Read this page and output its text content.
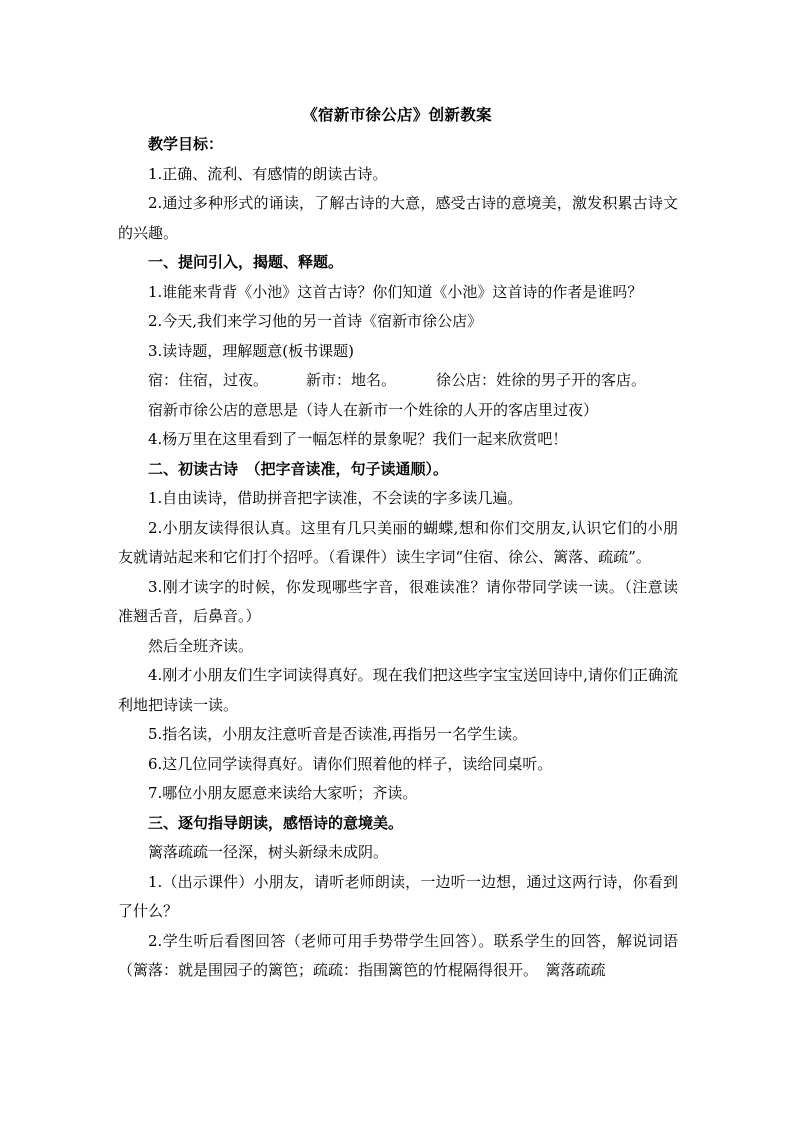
《宿新市徐公店》创新教案

教学目标：

1.正确、流利、有感情的朗读古诗。

2.通过多种形式的诵读，了解古诗的大意，感受古诗的意境美，激发积累古诗文的兴趣。

一、提问引入，揭题、释题。

1.谁能来背背《小池》这首古诗？你们知道《小池》这首诗的作者是谁吗？

2.今天,我们来学习他的另一首诗《宿新市徐公店》

3.读诗题，理解题意(板书课题)

宿：住宿，过夜。	新市：地名。	徐公店：姓徐的男子开的客店。

宿新市徐公店的意思是（诗人在新市一个姓徐的人开的客店里过夜）

4.杨万里在这里看到了一幅怎样的景象呢？我们一起来欣赏吧！

二、初读古诗　（把字音读准，句子读通顺）。

1.自由读诗，借助拼音把字读准，不会读的字多读几遍。

2.小朋友读得很认真。这里有几只美丽的蝴蝶,想和你们交朋友,认识它们的小朋友就请站起来和它们打个招呼。（看课件）读生字词“住宿、徐公、篱落、疏疏”。

3.刚才读字的时候，你发现哪些字音，很难读准？请你带同学读一读。（注意读准翘舌音，后鼻音。）

然后全班齐读。

4.刚才小朋友们生字词读得真好。现在我们把这些字宝宝送回诗中,请你们正确流利地把诗读一读。

5.指名读，小朋友注意听音是否读准,再指另一名学生读。

6.这几位同学读得真好。请你们照着他的样子，读给同桌听。

7.哪位小朋友愿意来读给大家听；齐读。

三、逐句指导朗读，感悟诗的意境美。

篱落疏疏一径深，树头新绿未成阴。

1.（出示课件）小朋友，请听老师朗读，一边听一边想，通过这两行诗，你看到了什么？

2.学生听后看图回答（老师可用手势带学生回答）。联系学生的回答，解说词语（篱落：就是围园子的篱笆；疏疏：指围篱笆的竹棍隔得很开。　篱落疏疏
